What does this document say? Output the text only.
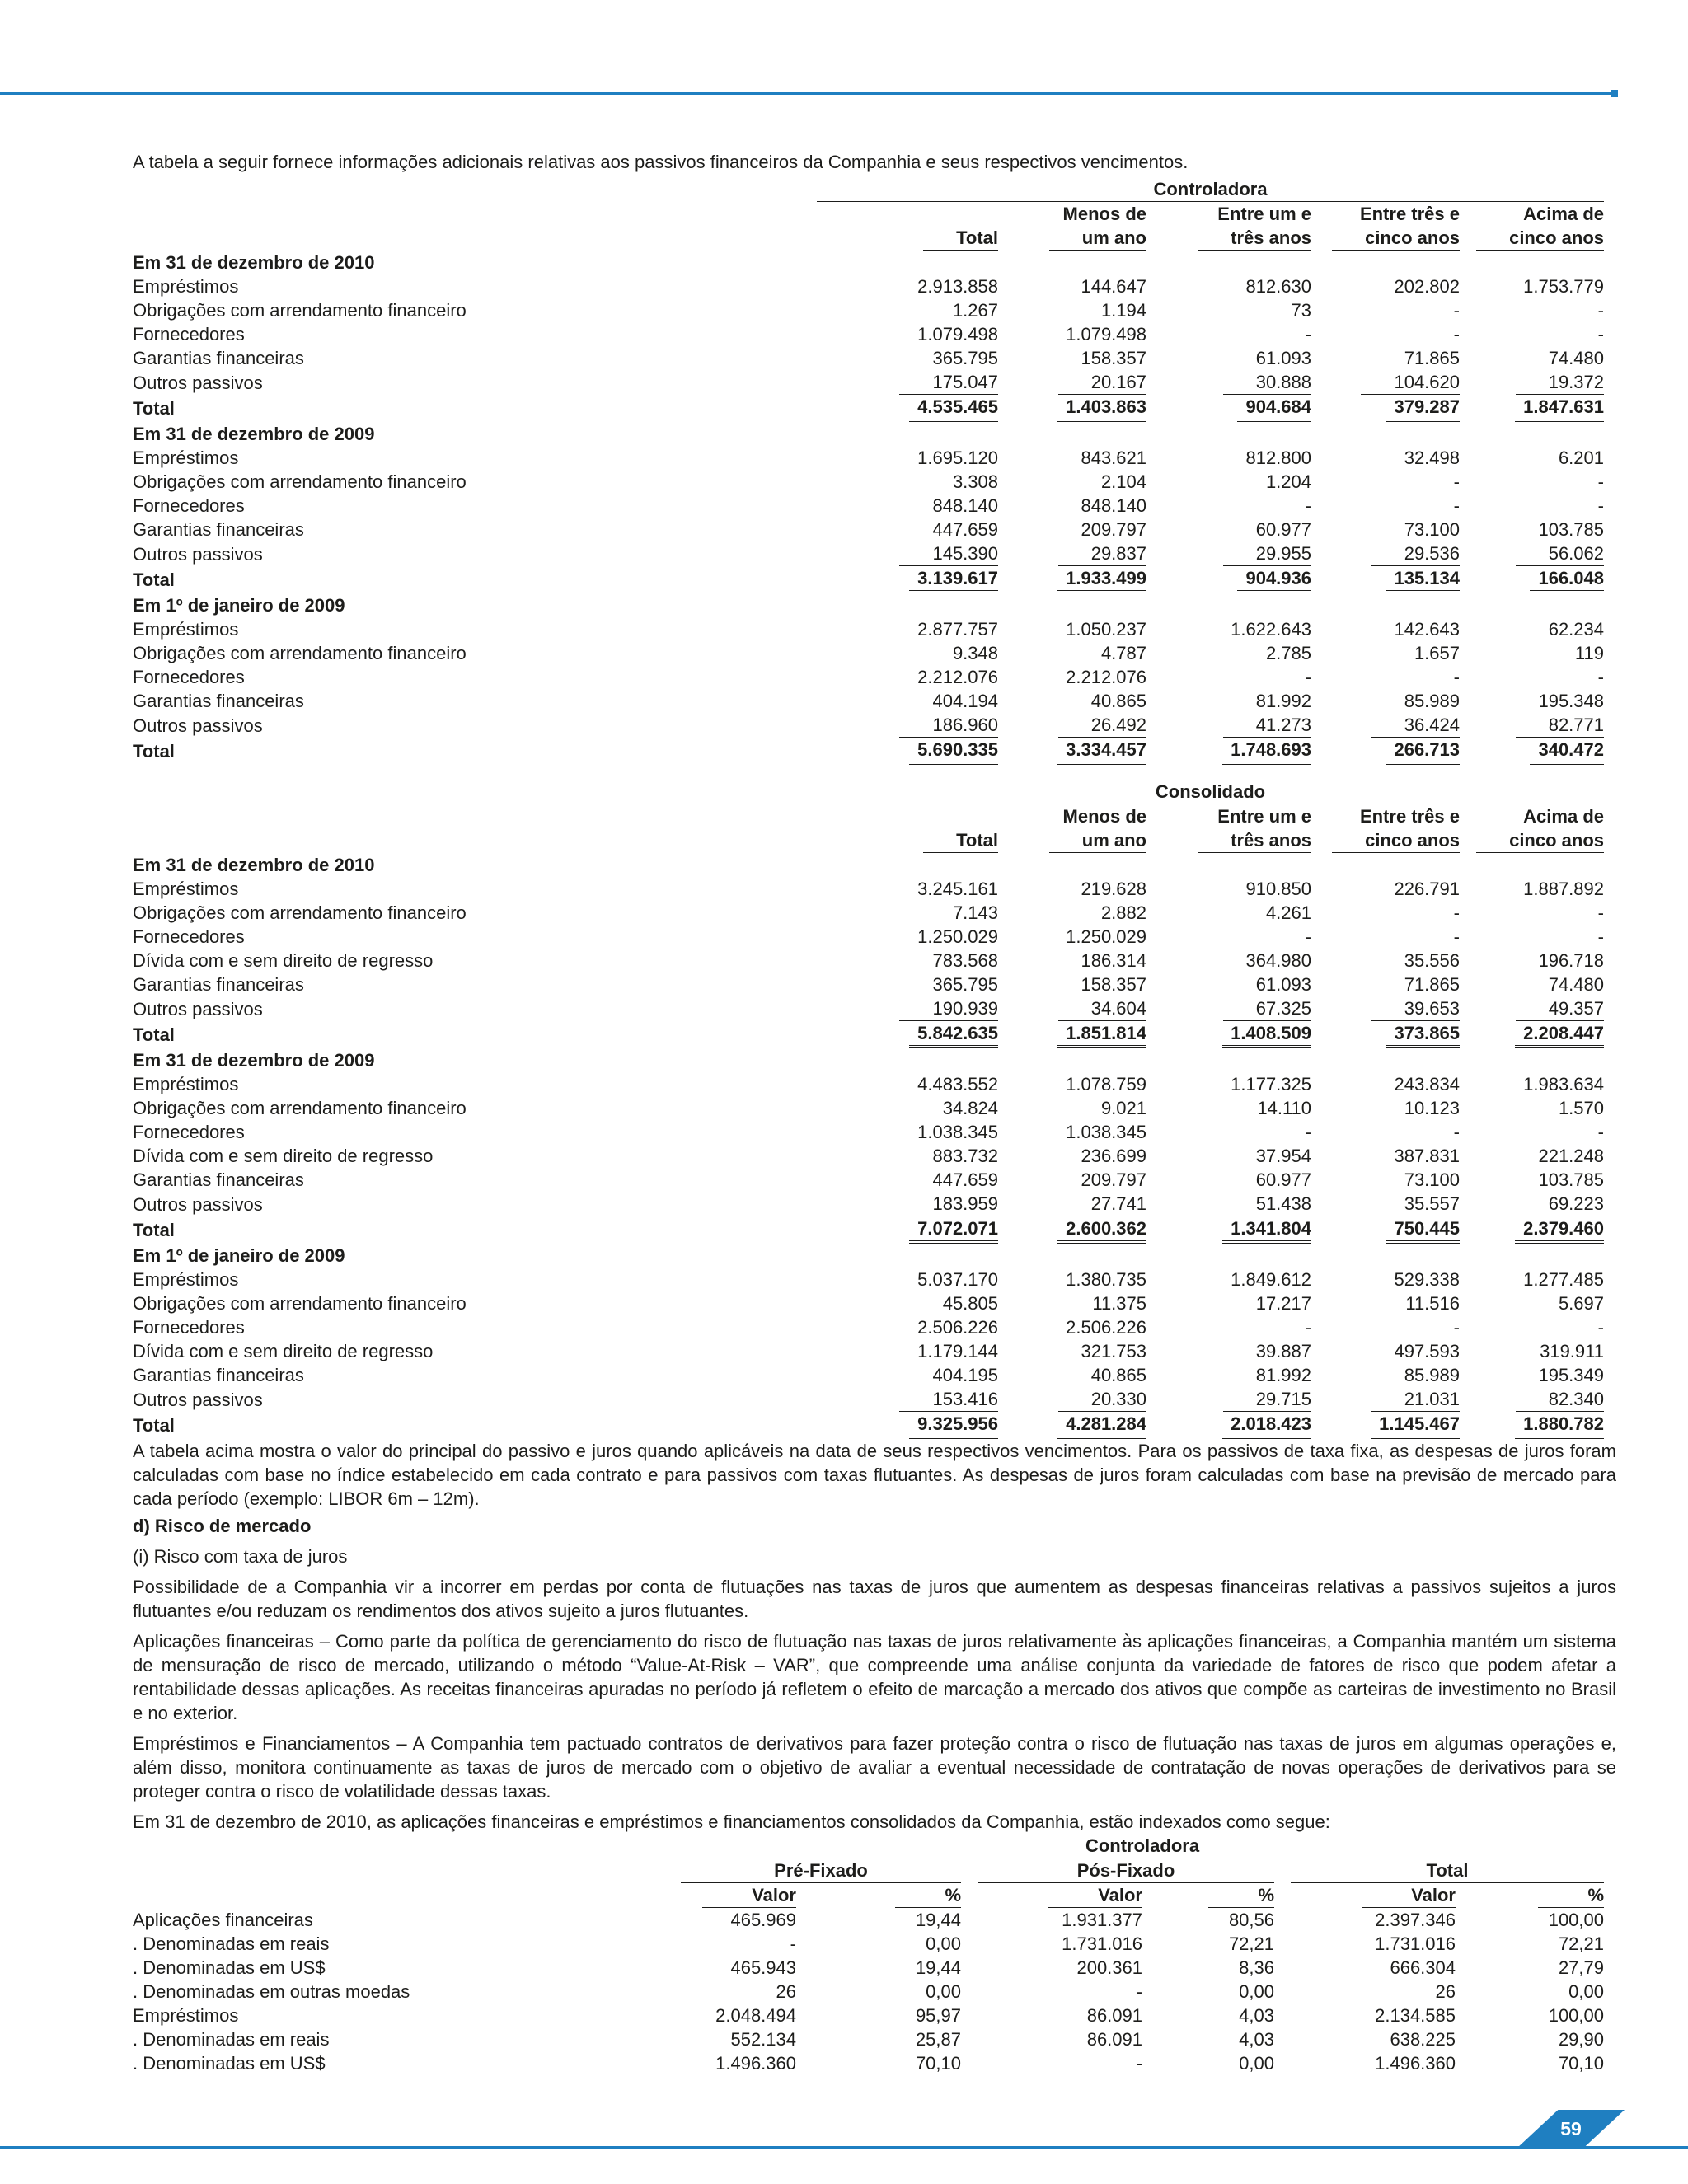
A tabela a seguir fornece informações adicionais relativas aos passivos financeiros da Companhia e seus respectivos vencimentos.

	Controladora				
		Menos de	Entre um e	Entre três e	Acima de
	Total	um ano	três anos	cinco anos	cinco anos
Em 31 de dezembro de 2010					
Empréstimos	2.913.858	144.647	812.630	202.802	1.753.779
Obrigações com arrendamento financeiro	1.267	1.194	73	-	-
Fornecedores	1.079.498	1.079.498	-	-	-
Garantias financeiras	365.795	158.357	61.093	71.865	74.480
Outros passivos	175.047	20.167	30.888	104.620	19.372
Total	4.535.465	1.403.863	904.684	379.287	1.847.631
Em 31 de dezembro de 2009					
Empréstimos	1.695.120	843.621	812.800	32.498	6.201
Obrigações com arrendamento financeiro	3.308	2.104	1.204	-	-
Fornecedores	848.140	848.140	-	-	-
Garantias financeiras	447.659	209.797	60.977	73.100	103.785
Outros passivos	145.390	29.837	29.955	29.536	56.062
Total	3.139.617	1.933.499	904.936	135.134	166.048
Em 1º de janeiro de 2009					
Empréstimos	2.877.757	1.050.237	1.622.643	142.643	62.234
Obrigações com arrendamento financeiro	9.348	4.787	2.785	1.657	119
Fornecedores	2.212.076	2.212.076	-	-	-
Garantias financeiras	404.194	40.865	81.992	85.989	195.348
Outros passivos	186.960	26.492	41.273	36.424	82.771
Total	5.690.335	3.334.457	1.748.693	266.713	340.472
	Consolidado				
		Menos de	Entre um e	Entre três e	Acima de
	Total	um ano	três anos	cinco anos	cinco anos
Em 31 de dezembro de 2010					
Empréstimos	3.245.161	219.628	910.850	226.791	1.887.892
Obrigações com arrendamento financeiro	7.143	2.882	4.261	-	-
Fornecedores	1.250.029	1.250.029	-	-	-
Dívida com e sem direito de regresso	783.568	186.314	364.980	35.556	196.718
Garantias financeiras	365.795	158.357	61.093	71.865	74.480
Outros passivos	190.939	34.604	67.325	39.653	49.357
Total	5.842.635	1.851.814	1.408.509	373.865	2.208.447
Em 31 de dezembro de 2009					
Empréstimos	4.483.552	1.078.759	1.177.325	243.834	1.983.634
Obrigações com arrendamento financeiro	34.824	9.021	14.110	10.123	1.570
Fornecedores	1.038.345	1.038.345	-	-	-
Dívida com e sem direito de regresso	883.732	236.699	37.954	387.831	221.248
Garantias financeiras	447.659	209.797	60.977	73.100	103.785
Outros passivos	183.959	27.741	51.438	35.557	69.223
Total	7.072.071	2.600.362	1.341.804	750.445	2.379.460
Em 1º de janeiro de 2009					
Empréstimos	5.037.170	1.380.735	1.849.612	529.338	1.277.485
Obrigações com arrendamento financeiro	45.805	11.375	17.217	11.516	5.697
Fornecedores	2.506.226	2.506.226	-	-	-
Dívida com e sem direito de regresso	1.179.144	321.753	39.887	497.593	319.911
Garantias financeiras	404.195	40.865	81.992	85.989	195.349
Outros passivos	153.416	20.330	29.715	21.031	82.340
Total	9.325.956	4.281.284	2.018.423	1.145.467	1.880.782

A tabela acima mostra o valor do principal do passivo e juros quando aplicáveis na data de seus respectivos vencimentos. Para os passivos de taxa fixa, as despesas de juros foram calculadas com base no índice estabelecido em cada contrato e para passivos com taxas flutuantes. As despesas de juros foram calculadas com base na previsão de mercado para cada período (exemplo: LIBOR 6m – 12m).

d) Risco de mercado

(i) Risco com taxa de juros

Possibilidade de a Companhia vir a incorrer em perdas por conta de flutuações nas taxas de juros que aumentem as despesas financeiras relativas a passivos sujeitos a juros flutuantes e/ou reduzam os rendimentos dos ativos sujeito a juros flutuantes.

Aplicações financeiras – Como parte da política de gerenciamento do risco de flutuação nas taxas de juros relativamente às aplicações financeiras, a Companhia mantém um sistema de mensuração de risco de mercado, utilizando o método “Value-At-Risk – VAR”, que compreende uma análise conjunta da variedade de fatores de risco que podem afetar a rentabilidade dessas aplicações. As receitas financeiras apuradas no período já refletem o efeito de marcação a mercado dos ativos que compõe as carteiras de investimento no Brasil e no exterior.

Empréstimos e Financiamentos – A Companhia tem pactuado contratos de derivativos para fazer proteção contra o risco de flutuação nas taxas de juros em algumas operações e, além disso, monitora continuamente as taxas de juros de mercado com o objetivo de avaliar a eventual necessidade de contratação de novas operações de derivativos para se proteger contra o risco de volatilidade dessas taxas.

Em 31 de dezembro de 2010, as aplicações financeiras e empréstimos e financiamentos consolidados da Companhia, estão indexados como segue:

	Controladora							
	Pré-Fixado			Pós-Fixado			Total	
	Valor	%		Valor	%		Valor	%
Aplicações financeiras	465.969	19,44		1.931.377	80,56		2.397.346	100,00
. Denominadas em reais	-	0,00		1.731.016	72,21		1.731.016	72,21
. Denominadas em US$	465.943	19,44		200.361	8,36		666.304	27,79
. Denominadas em outras moedas	26	0,00		-	0,00		26	0,00
Empréstimos	2.048.494	95,97		86.091	4,03		2.134.585	100,00
. Denominadas em reais	552.134	25,87		86.091	4,03		638.225	29,90
. Denominadas em US$	1.496.360	70,10		-	0,00		1.496.360	70,10
59
